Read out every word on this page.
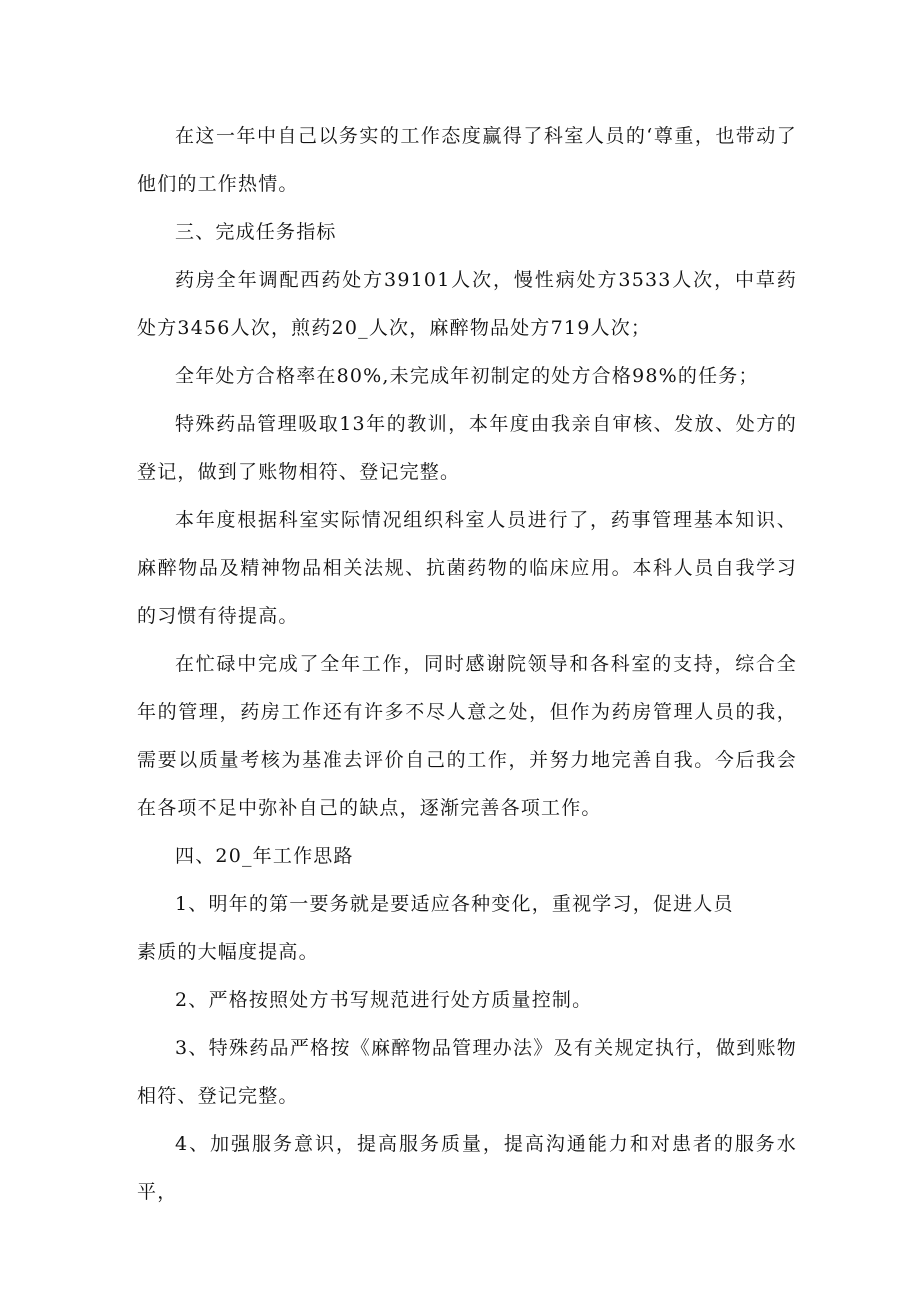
在这一年中自己以务实的工作态度赢得了科室人员的‘尊重，也带动了他们的工作热情。

三、完成任务指标

药房全年调配西药处方39101人次，慢性病处方3533人次，中草药处方3456人次，煎药20_人次，麻醉物品处方719人次；

全年处方合格率在80%,未完成年初制定的处方合格98%的任务；

特殊药品管理吸取13年的教训，本年度由我亲自审核、发放、处方的登记，做到了账物相符、登记完整。

本年度根据科室实际情况组织科室人员进行了，药事管理基本知识、麻醉物品及精神物品相关法规、抗菌药物的临床应用。本科人员自我学习的习惯有待提高。

在忙碌中完成了全年工作，同时感谢院领导和各科室的支持，综合全年的管理，药房工作还有许多不尽人意之处，但作为药房管理人员的我，需要以质量考核为基准去评价自己的工作，并努力地完善自我。今后我会在各项不足中弥补自己的缺点，逐渐完善各项工作。

四、20_年工作思路

1、明年的第一要务就是要适应各种变化，重视学习，促进人员

素质的大幅度提高。

2、严格按照处方书写规范进行处方质量控制。

3、特殊药品严格按《麻醉物品管理办法》及有关规定执行，做到账物相符、登记完整。

4、加强服务意识，提高服务质量，提高沟通能力和对患者的服务水平，
